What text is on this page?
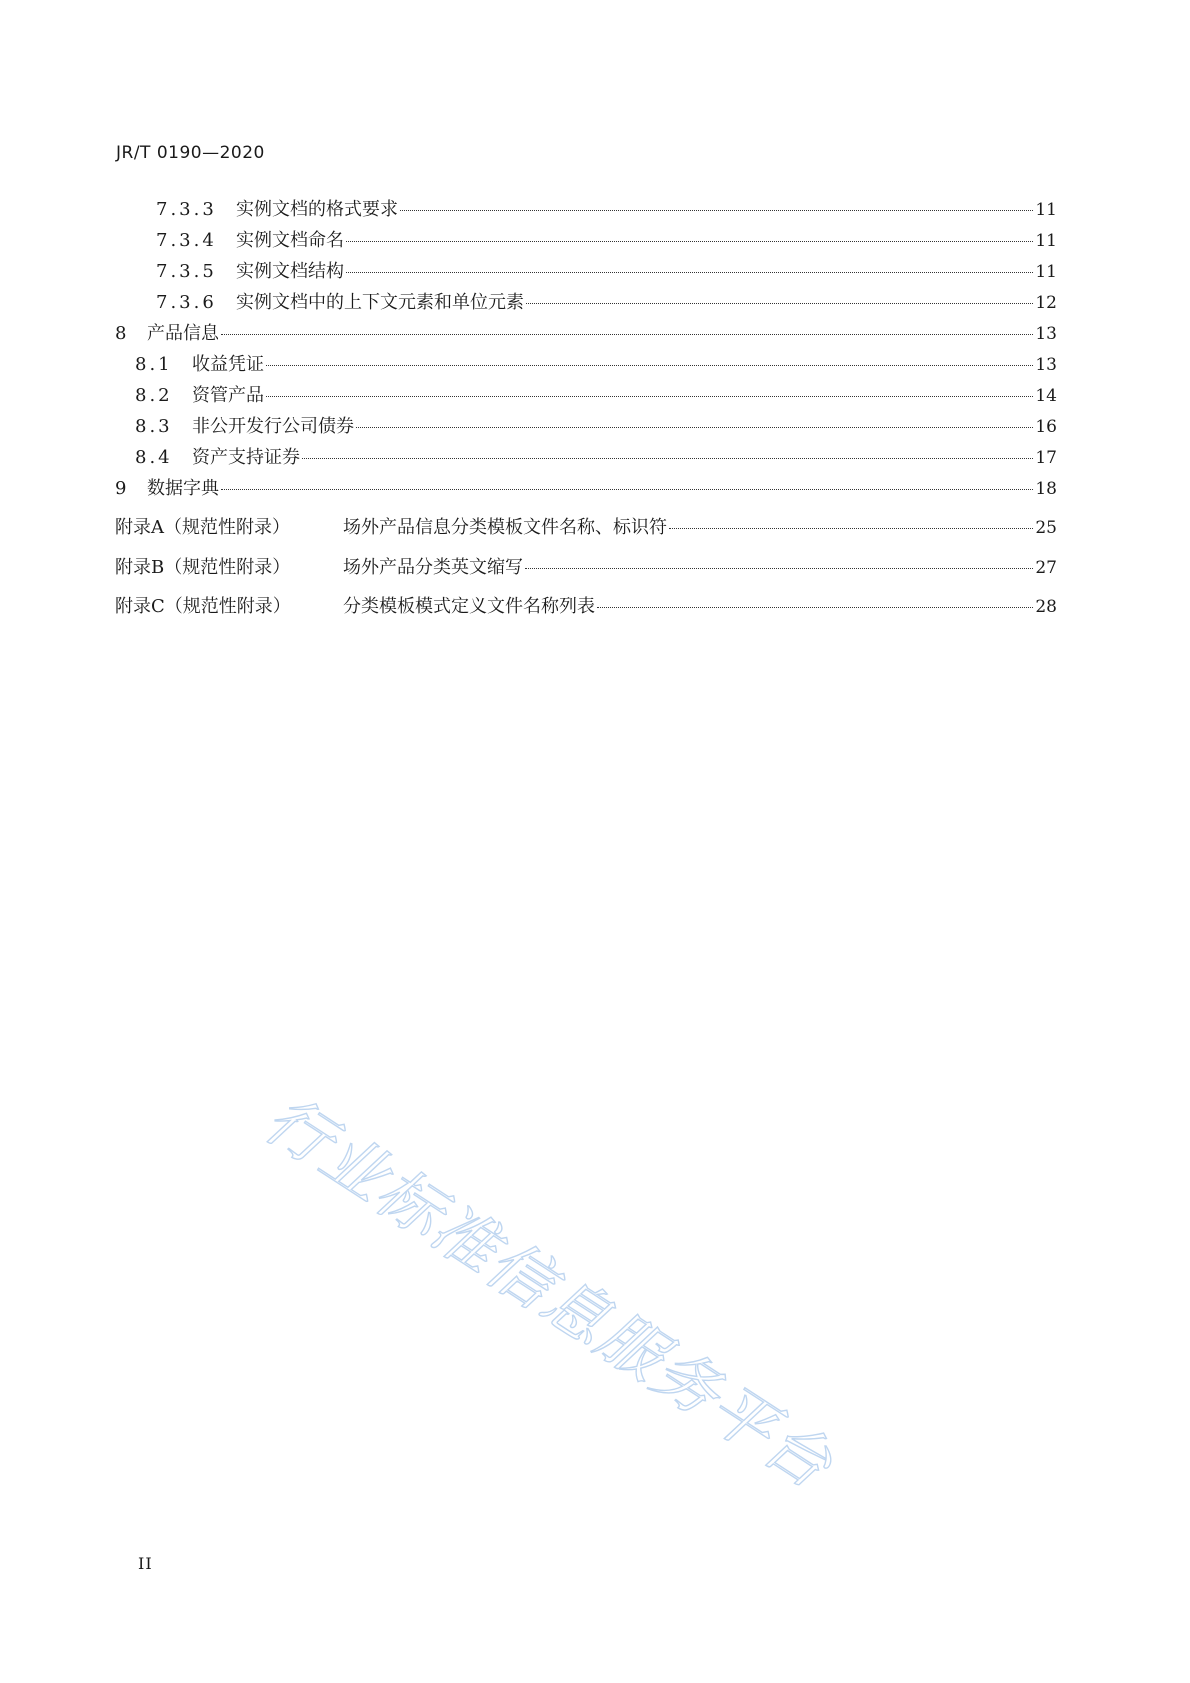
JR/T 0190—2020
7.3.3	实例文档的格式要求	11
7.3.4	实例文档命名	11
7.3.5	实例文档结构	11
7.3.6	实例文档中的上下文元素和单位元素	12
8	产品信息	13
8.1	收益凭证	13
8.2	资管产品	14
8.3	非公开发行公司债券	16
8.4	资产支持证券	17
9	数据字典	18
附录A（规范性附录）	场外产品信息分类模板文件名称、标识符	25
附录B（规范性附录）	场外产品分类英文缩写	27
附录C（规范性附录）	分类模板模式定义文件名称列表	28
行业标准信息服务平台
II
